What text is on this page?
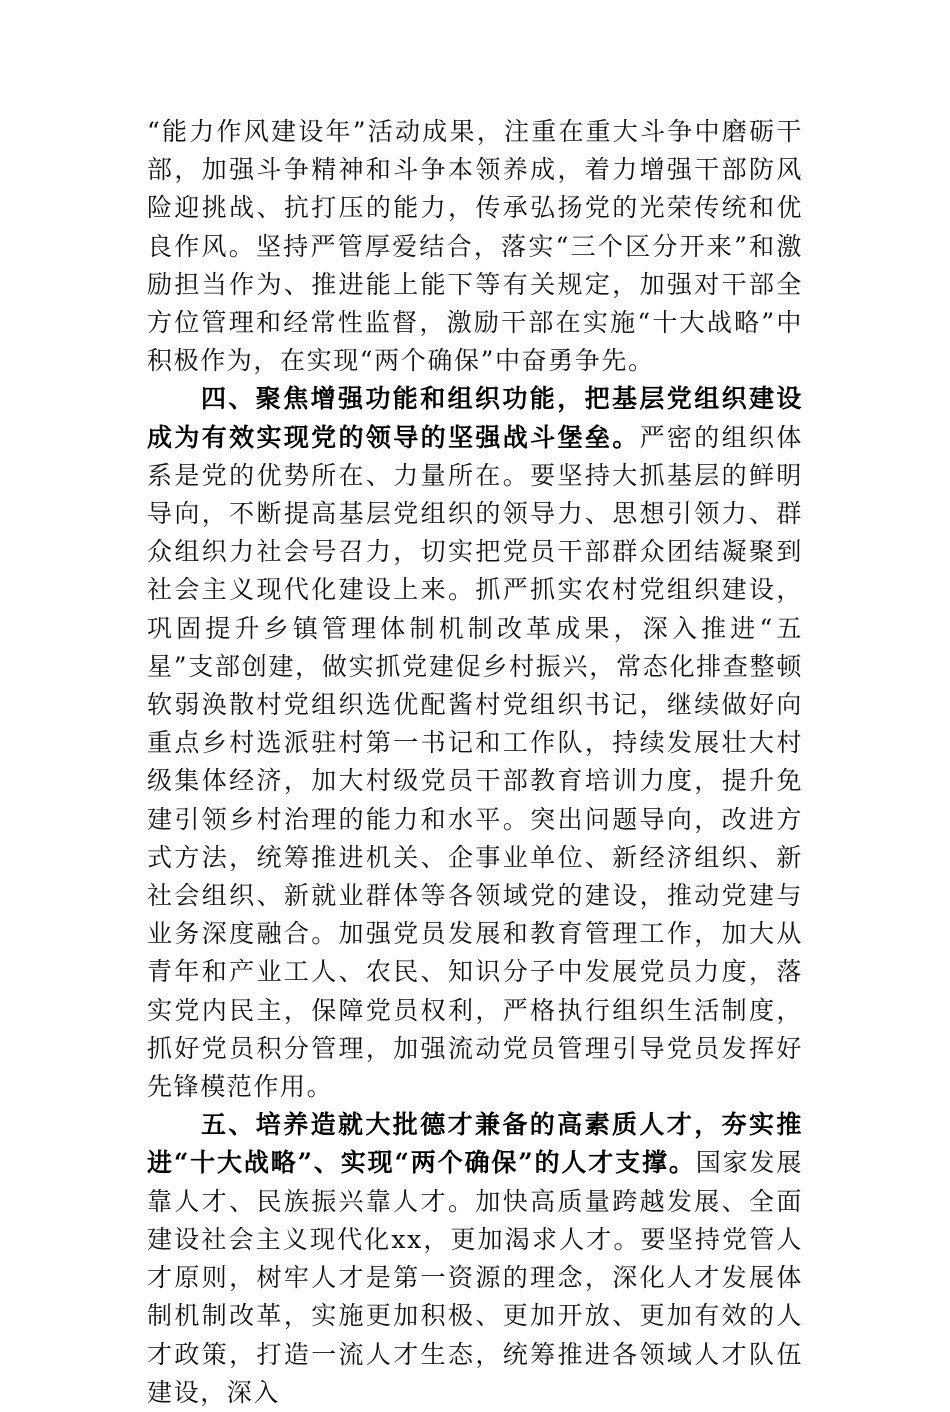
“能力作风建设年”活动成果，注重在重大斗争中磨砺干部，加强斗争精神和斗争本领养成，着力增强干部防风险迎挑战、抗打压的能力，传承弘扬党的光荣传统和优良作风。坚持严管厚爱结合，落实“三个区分开来”和激励担当作为、推进能上能下等有关规定，加强对干部全方位管理和经常性监督，激励干部在实施“十大战略”中积极作为，在实现“两个确保”中奋勇争先。

四、聚焦增强功能和组织功能，把基层党组织建设成为有效实现党的领导的坚强战斗堡垒。严密的组织体系是党的优势所在、力量所在。要坚持大抓基层的鲜明导向，不断提高基层党组织的领导力、思想引领力、群众组织力社会号召力，切实把党员干部群众团结凝聚到社会主义现代化建设上来。抓严抓实农村党组织建设，巩固提升乡镇管理体制机制改革成果，深入推进“五星”支部创建，做实抓党建促乡村振兴，常态化排查整顿软弱涣散村党组织选优配酱村党组织书记，继续做好向重点乡村选派驻村第一书记和工作队，持续发展壮大村级集体经济，加大村级党员干部教育培训力度，提升免建引领乡村治理的能力和水平。突出问题导向，改进方式方法，统筹推进机关、企事业单位、新经济组织、新社会组织、新就业群体等各领域党的建设，推动党建与业务深度融合。加强党员发展和教育管理工作，加大从青年和产业工人、农民、知识分子中发展党员力度，落实党内民主，保障党员权利，严格执行组织生活制度，抓好党员积分管理，加强流动党员管理引导党员发挥好先锋模范作用。

五、培养造就大批德才兼备的高素质人才，夯实推进“十大战略”、实现“两个确保”的人才支撑。国家发展靠人才、民族振兴靠人才。加快高质量跨越发展、全面建设社会主义现代化xx，更加渴求人才。要坚持党管人才原则，树牢人才是第一资源的理念，深化人才发展体制机制改革，实施更加积极、更加开放、更加有效的人才政策，打造一流人才生态，统筹推进各领域人才队伍建设，深入
